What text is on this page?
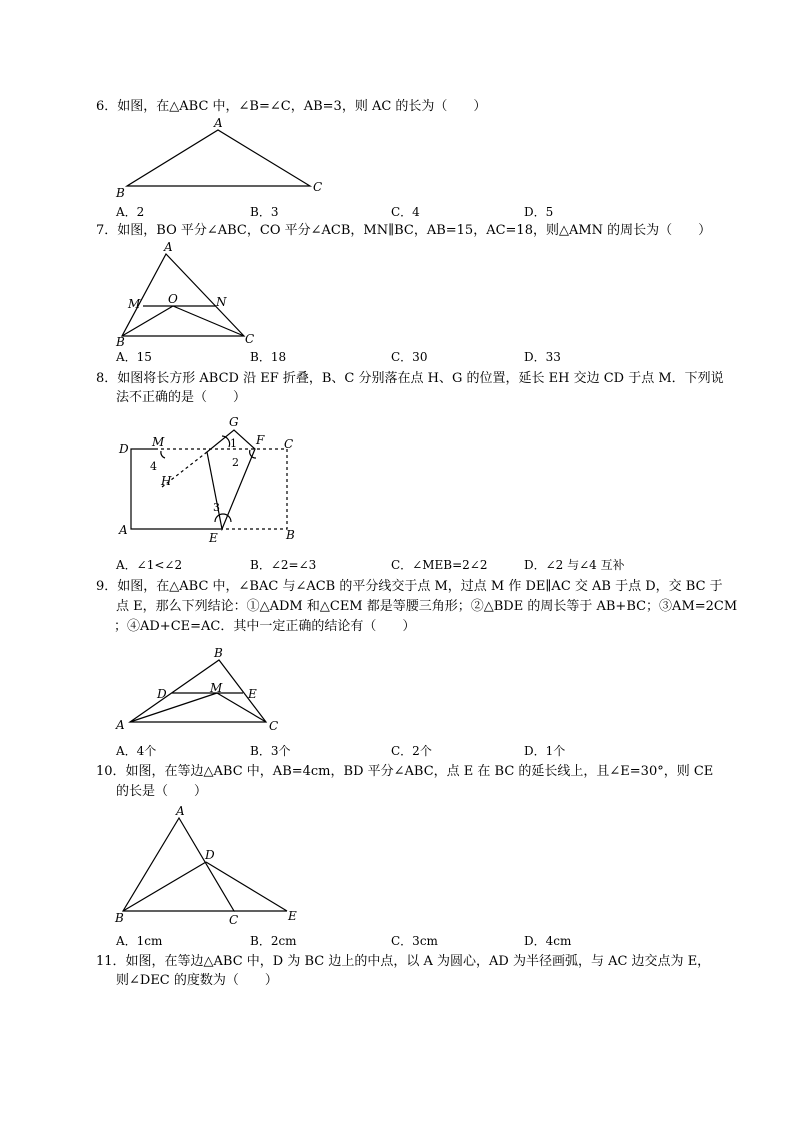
6．如图，在△ABC 中，∠B=∠C，AB=3，则 AC 的长为（　　）
A
B	C
A．2	B．3	C．4	D．5
7．如图，BO 平分∠ABC，CO 平分∠ACB，MN∥BC，AB=15，AC=18，则△AMN 的周长为（　　）
A
M O	N
B	C
A．15	B．18	C．30	D．33
8．如图将长方形 ABCD 沿 EF 折叠，B、C 分别落在点 H、G 的位置，延长 EH 交边 CD 于点 M．下列说
法不正确的是（　　）
G
D M	1 F C
4	2
H
3
A
E	B
A．∠1<∠2	B．∠2=∠3	C．∠MEB=2∠2	D．∠2 与∠4 互补
9．如图，在△ABC 中，∠BAC 与∠ACB 的平分线交于点 M，过点 M 作 DE∥AC 交 AB 于点 D，交 BC 于
点 E，那么下列结论：①△ADM 和△CEM 都是等腰三角形；②△BDE 的周长等于 AB+BC；③AM=2CM
；④AD+CE=AC．其中一定正确的结论有（　　）
B
D	M E
A	C
A．4个	B．3个	C．2个	D．1个
10．如图，在等边△ABC 中，AB=4cm，BD 平分∠ABC，点 E 在 BC 的延长线上，且∠E=30°，则 CE
的长是（　　）
A
D
B	C	E
A．1cm	B．2cm	C．3cm	D．4cm
11．如图，在等边△ABC 中，D 为 BC 边上的中点，以 A 为圆心，AD 为半径画弧，与 AC 边交点为 E，
则∠DEC 的度数为（　　）
